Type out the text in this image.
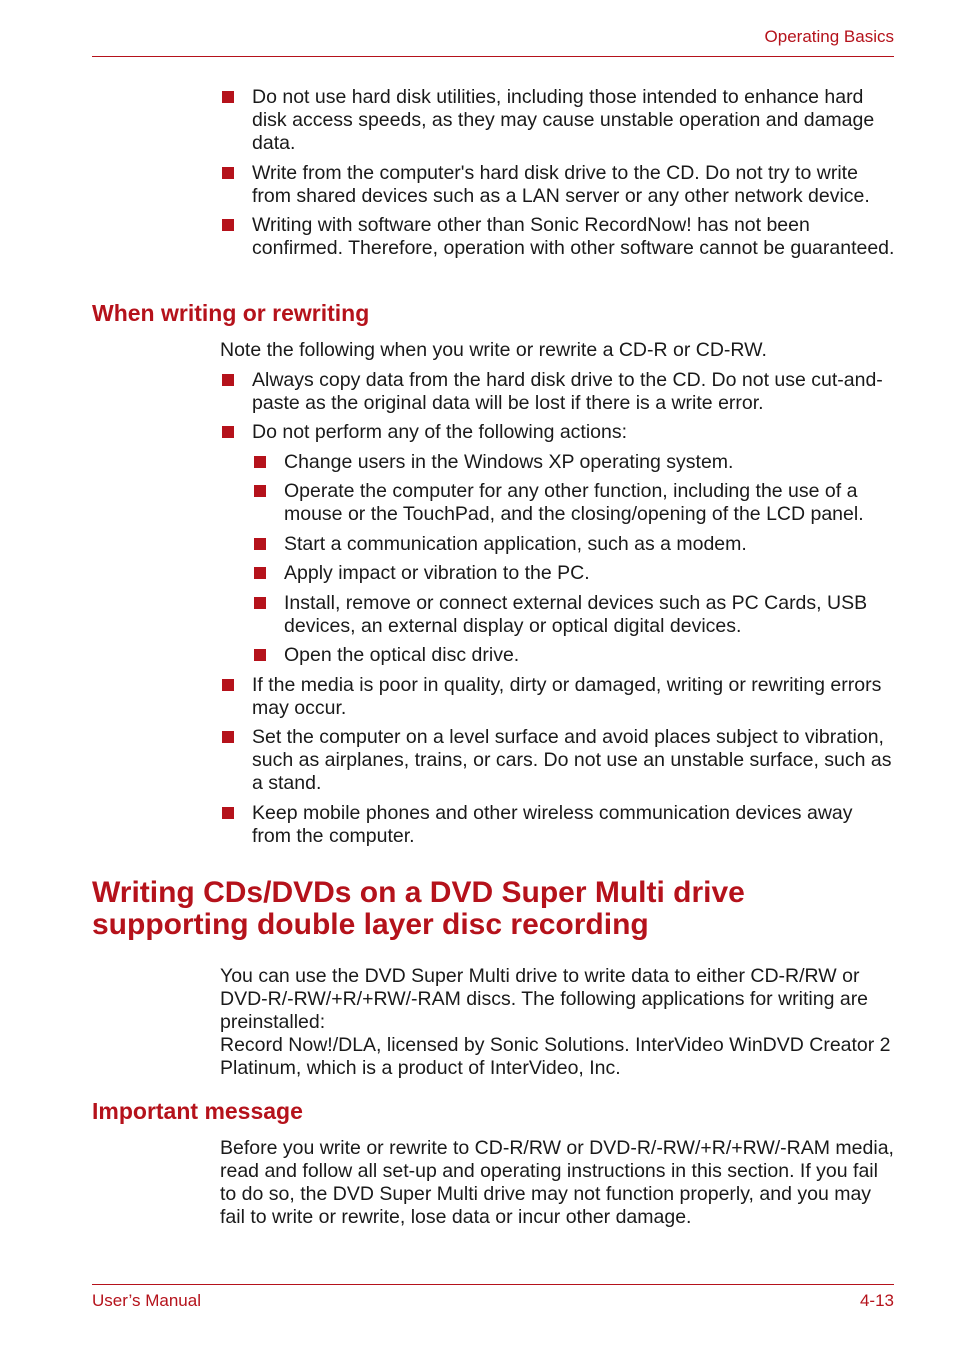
Operating Basics
Do not use hard disk utilities, including those intended to enhance hard disk access speeds, as they may cause unstable operation and damage data.
Write from the computer's hard disk drive to the CD. Do not try to write from shared devices such as a LAN server or any other network device.
Writing with software other than Sonic RecordNow! has not been confirmed. Therefore, operation with other software cannot be guaranteed.
When writing or rewriting

Note the following when you write or rewrite a CD-R or CD-RW.

Always copy data from the hard disk drive to the CD. Do not use cut-and-paste as the original data will be lost if there is a write error.
Do not perform any of the following actions:
Change users in the Windows XP operating system.
Operate the computer for any other function, including the use of a mouse or the TouchPad, and the closing/opening of the LCD panel.
Start a communication application, such as a modem.
Apply impact or vibration to the PC.
Install, remove or connect external devices such as PC Cards, USB devices, an external display or optical digital devices.
Open the optical disc drive.
If the media is poor in quality, dirty or damaged, writing or rewriting errors may occur.
Set the computer on a level surface and avoid places subject to vibration, such as airplanes, trains, or cars. Do not use an unstable surface, such as a stand.
Keep mobile phones and other wireless communication devices away from the computer.
Writing CDs/DVDs on a DVD Super Multi drive supporting double layer disc recording

You can use the DVD Super Multi drive to write data to either CD-R/RW or DVD-R/-RW/+R/+RW/-RAM discs. The following applications for writing are preinstalled:

Record Now!/DLA, licensed by Sonic Solutions. InterVideo WinDVD Creator 2 Platinum, which is a product of InterVideo, Inc.

Important message

Before you write or rewrite to CD-R/RW or DVD-R/-RW/+R/+RW/-RAM media, read and follow all set-up and operating instructions in this section. If you fail to do so, the DVD Super Multi drive may not function properly, and you may fail to write or rewrite, lose data or incur other damage.

User’s Manual	4-13
